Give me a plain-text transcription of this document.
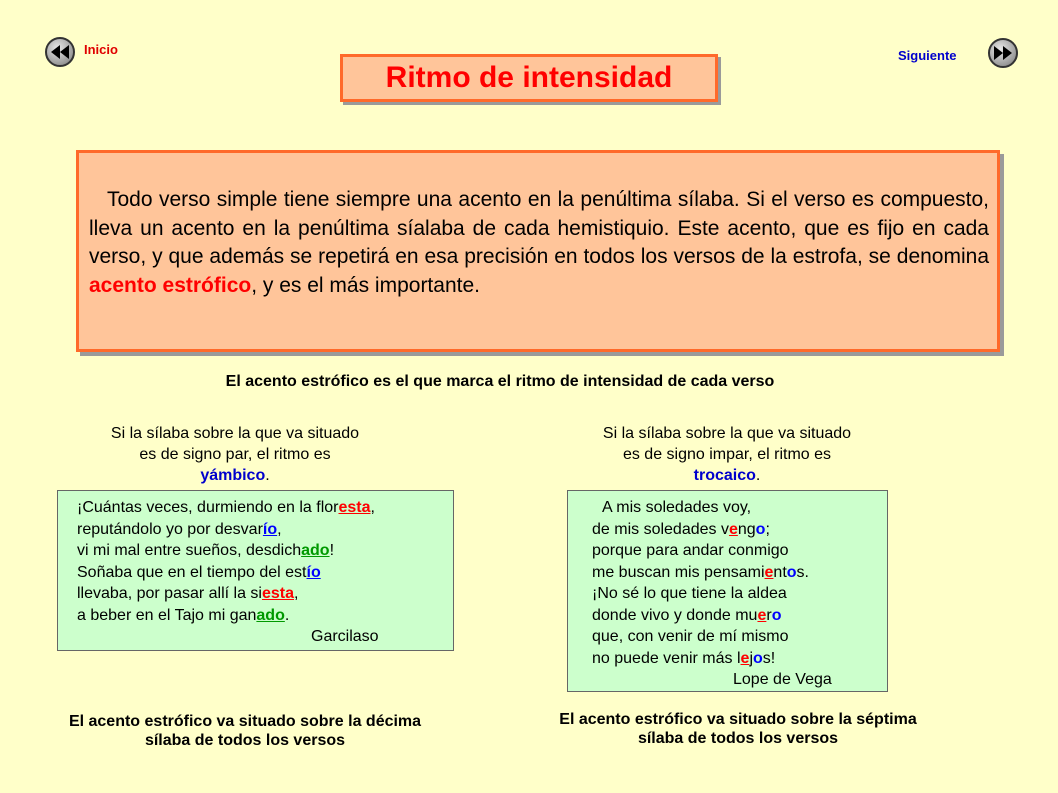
Inicio	Siguiente
Ritmo de intensidad

Todo verso simple tiene siempre una acento en la penúltima sílaba. Si el verso es compuesto, lleva un acento en la penúltima síalaba de cada hemistiquio. Este acento, que es fijo en cada verso, y que además se repetirá en esa precisión en todos los versos de la estrofa, se denomina acento estrófico, y es el más importante.

El acento estrófico es el que marca el ritmo de intensidad de cada verso
Si la sílaba sobre la que va situado
es de signo par, el ritmo es
yámbico.
Si la sílaba sobre la que va situado
es de signo impar, el ritmo es
trocaico.
¡Cuántas veces, durmiendo en la floresta,
reputándolo yo por desvarío,
vi mi mal entre sueños, desdichado!
Soñaba que en el tiempo del estío
llevaba, por pasar allí la siesta,
a beber en el Tajo mi ganado.
Garcilaso
A mis soledades voy,
de mis soledades vengo;
porque para andar conmigo
me buscan mis pensamientos.
¡No sé lo que tiene la aldea
donde vivo y donde muero
que, con venir de mí mismo
no puede venir más lejos!
Lope de Vega
El acento estrófico va situado sobre la décima
sílaba de todos los versos
El acento estrófico va situado sobre la séptima
sílaba de todos los versos
